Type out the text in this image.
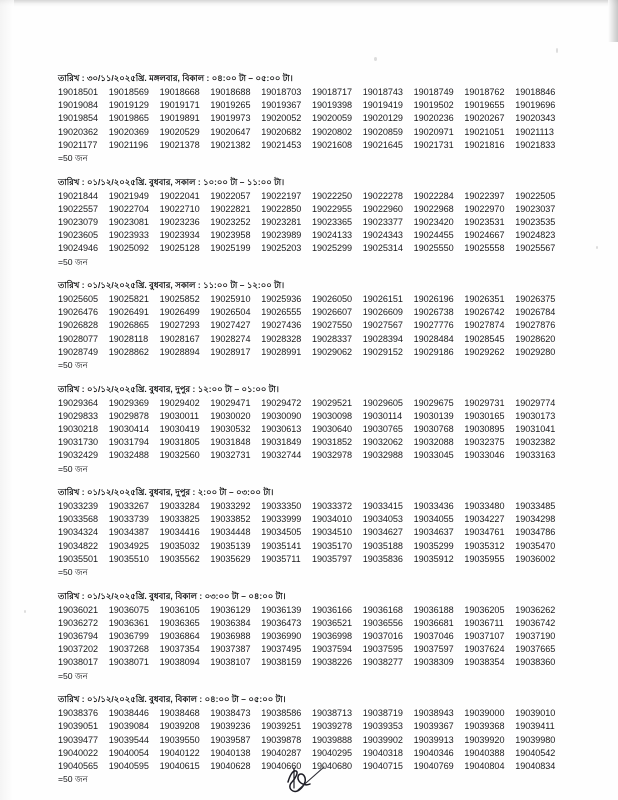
তারিখ : ৩০/১১/২০২৫খ্রি. মঙ্গলবার, বিকাল : ০৪:০০ টা – ০৫:০০ টা।
19018501	19018569	19018668	19018688	19018703	19018717	19018743	19018749	19018762	19018846
19019084	19019129	19019171	19019265	19019367	19019398	19019419	19019502	19019655	19019696
19019854	19019865	19019891	19019973	19020052	19020059	19020129	19020236	19020267	19020343
19020362	19020369	19020529	19020647	19020682	19020802	19020859	19020971	19021051	19021113
19021177	19021196	19021378	19021382	19021453	19021608	19021645	19021731	19021816	19021833
=50 জন
তারিখ : ০১/১২/২০২৫খ্রি. বুধবার, সকাল : ১০:০০ টা – ১১:০০ টা।
19021844	19021949	19022041	19022057	19022197	19022250	19022278	19022284	19022397	19022505
19022557	19022704	19022710	19022821	19022850	19022955	19022960	19022968	19022970	19023037
19023079	19023081	19023236	19023252	19023281	19023365	19023377	19023420	19023531	19023535
19023605	19023933	19023934	19023958	19023989	19024133	19024343	19024455	19024667	19024823
19024946	19025092	19025128	19025199	19025203	19025299	19025314	19025550	19025558	19025567
=50 জন
তারিখ : ০১/১২/২০২৫খ্রি. বুধবার, সকাল : ১১:০০ টা – ১২:০০ টা।
19025605	19025821	19025852	19025910	19025936	19026050	19026151	19026196	19026351	19026375
19026476	19026491	19026499	19026504	19026555	19026607	19026609	19026738	19026742	19026784
19026828	19026865	19027293	19027427	19027436	19027550	19027567	19027776	19027874	19027876
19028077	19028118	19028167	19028274	19028328	19028337	19028394	19028484	19028545	19028620
19028749	19028862	19028894	19028917	19028991	19029062	19029152	19029186	19029262	19029280
=50 জন
তারিখ : ০১/১২/২০২৫খ্রি. বুধবার, দুপুর : ১২:০০ টা – ০১:০০ টা।
19029364	19029369	19029402	19029471	19029472	19029521	19029605	19029675	19029731	19029774
19029833	19029878	19030011	19030020	19030090	19030098	19030114	19030139	19030165	19030173
19030218	19030414	19030419	19030532	19030613	19030640	19030765	19030768	19030895	19031041
19031730	19031794	19031805	19031848	19031849	19031852	19032062	19032088	19032375	19032382
19032429	19032488	19032560	19032731	19032744	19032978	19032988	19033045	19033046	19033163
=50 জন
তারিখ : ০১/১২/২০২৫খ্রি. বুধবার, দুপুর : ২:০০ টা – ০৩:০০ টা।
19033239	19033267	19033284	19033292	19033350	19033372	19033415	19033436	19033480	19033485
19033568	19033739	19033825	19033852	19033999	19034010	19034053	19034055	19034227	19034298
19034324	19034387	19034416	19034448	19034505	19034510	19034627	19034637	19034761	19034786
19034822	19034925	19035032	19035139	19035141	19035170	19035188	19035299	19035312	19035470
19035501	19035510	19035562	19035629	19035711	19035797	19035836	19035912	19035955	19036002
=50 জন
তারিখ : ০১/১২/২০২৫খ্রি. বুধবার, বিকাল : ০৩:০০ টা – ০৪:০০ টা।
19036021	19036075	19036105	19036129	19036139	19036166	19036168	19036188	19036205	19036262
19036272	19036361	19036365	19036384	19036473	19036521	19036556	19036681	19036711	19036742
19036794	19036799	19036864	19036988	19036990	19036998	19037016	19037046	19037107	19037190
19037202	19037268	19037354	19037387	19037495	19037594	19037595	19037597	19037624	19037665
19038017	19038071	19038094	19038107	19038159	19038226	19038277	19038309	19038354	19038360
=50 জন
তারিখ : ০১/১২/২০২৫খ্রি. বুধবার, বিকাল : ০৪:০০ টা – ০৫:০০ টা।
19038376	19038446	19038468	19038473	19038586	19038713	19038719	19038943	19039000	19039010
19039051	19039084	19039208	19039236	19039251	19039278	19039353	19039367	19039368	19039411
19039477	19039544	19039550	19039587	19039878	19039888	19039902	19039913	19039920	19039980
19040022	19040054	19040122	19040138	19040287	19040295	19040318	19040346	19040388	19040542
19040565	19040595	19040615	19040628	19040660	19040680	19040715	19040769	19040804	19040834
=50 জন
